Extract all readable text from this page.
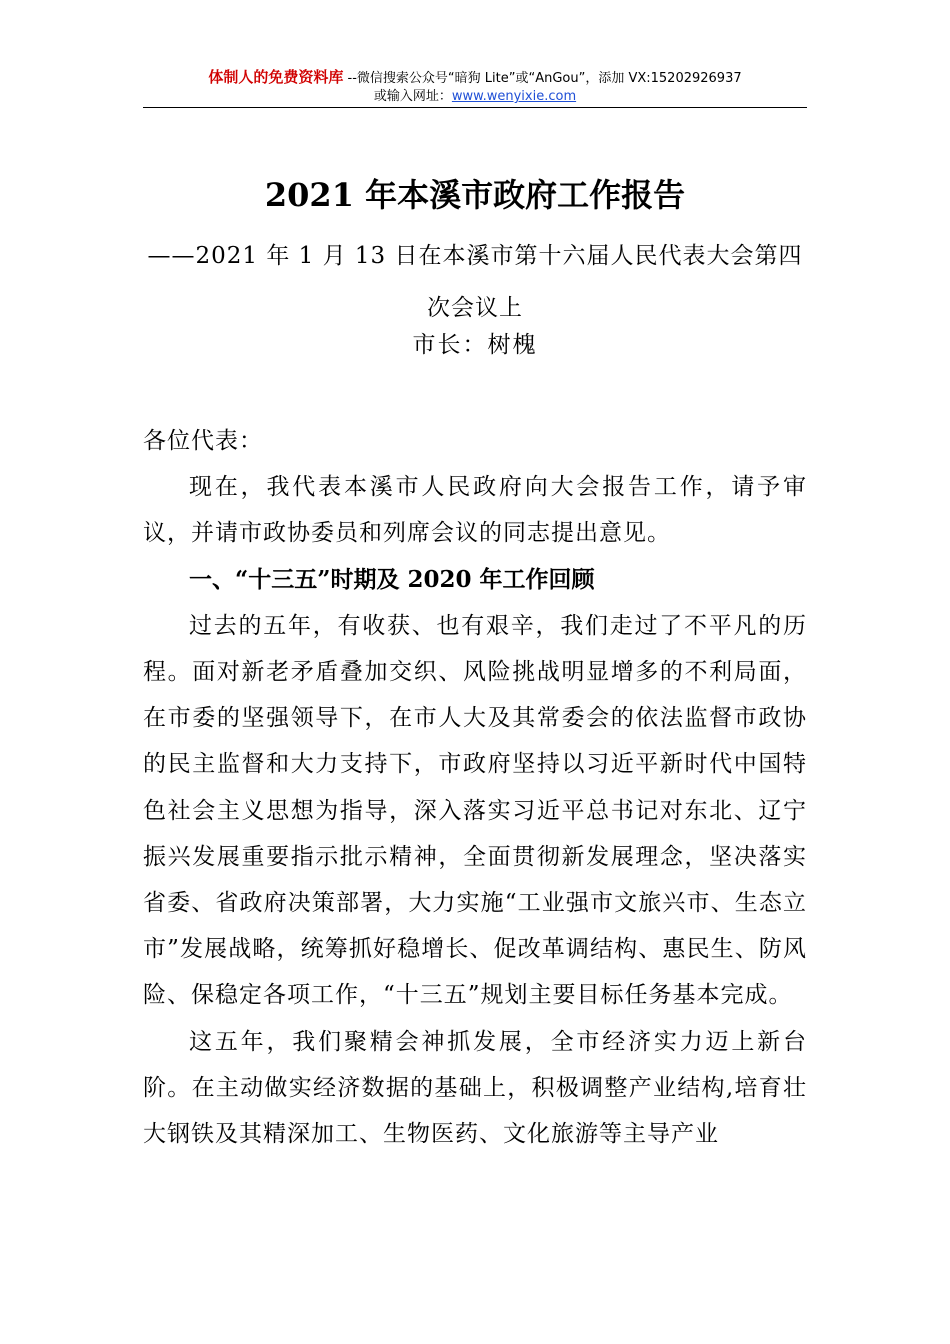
体制人的免费资料库 --微信搜索公众号“暗狗 Lite”或“AnGou”，添加 VX:15202926937
或输入网址：www.wenyixie.com
2021 年本溪市政府工作报告
——2021 年 1 月 13 日在本溪市第十六届人民代表大会第四次会议上
市长：树槐

各位代表：

现在，我代表本溪市人民政府向大会报告工作，请予审议，并请市政协委员和列席会议的同志提出意见。

一、“十三五”时期及 2020 年工作回顾

过去的五年，有收获、也有艰辛，我们走过了不平凡的历程。面对新老矛盾叠加交织、风险挑战明显增多的不利局面，在市委的坚强领导下，在市人大及其常委会的依法监督市政协的民主监督和大力支持下，市政府坚持以习近平新时代中国特色社会主义思想为指导，深入落实习近平总书记对东北、辽宁振兴发展重要指示批示精神，全面贯彻新发展理念，坚决落实省委、省政府决策部署，大力实施“工业强市文旅兴市、生态立市”发展战略，统筹抓好稳增长、促改革调结构、惠民生、防风险、保稳定各项工作，“十三五”规划主要目标任务基本完成。

这五年，我们聚精会神抓发展，全市经济实力迈上新台阶。在主动做实经济数据的基础上，积极调整产业结构,培育壮大钢铁及其精深加工、生物医药、文化旅游等主导产业
